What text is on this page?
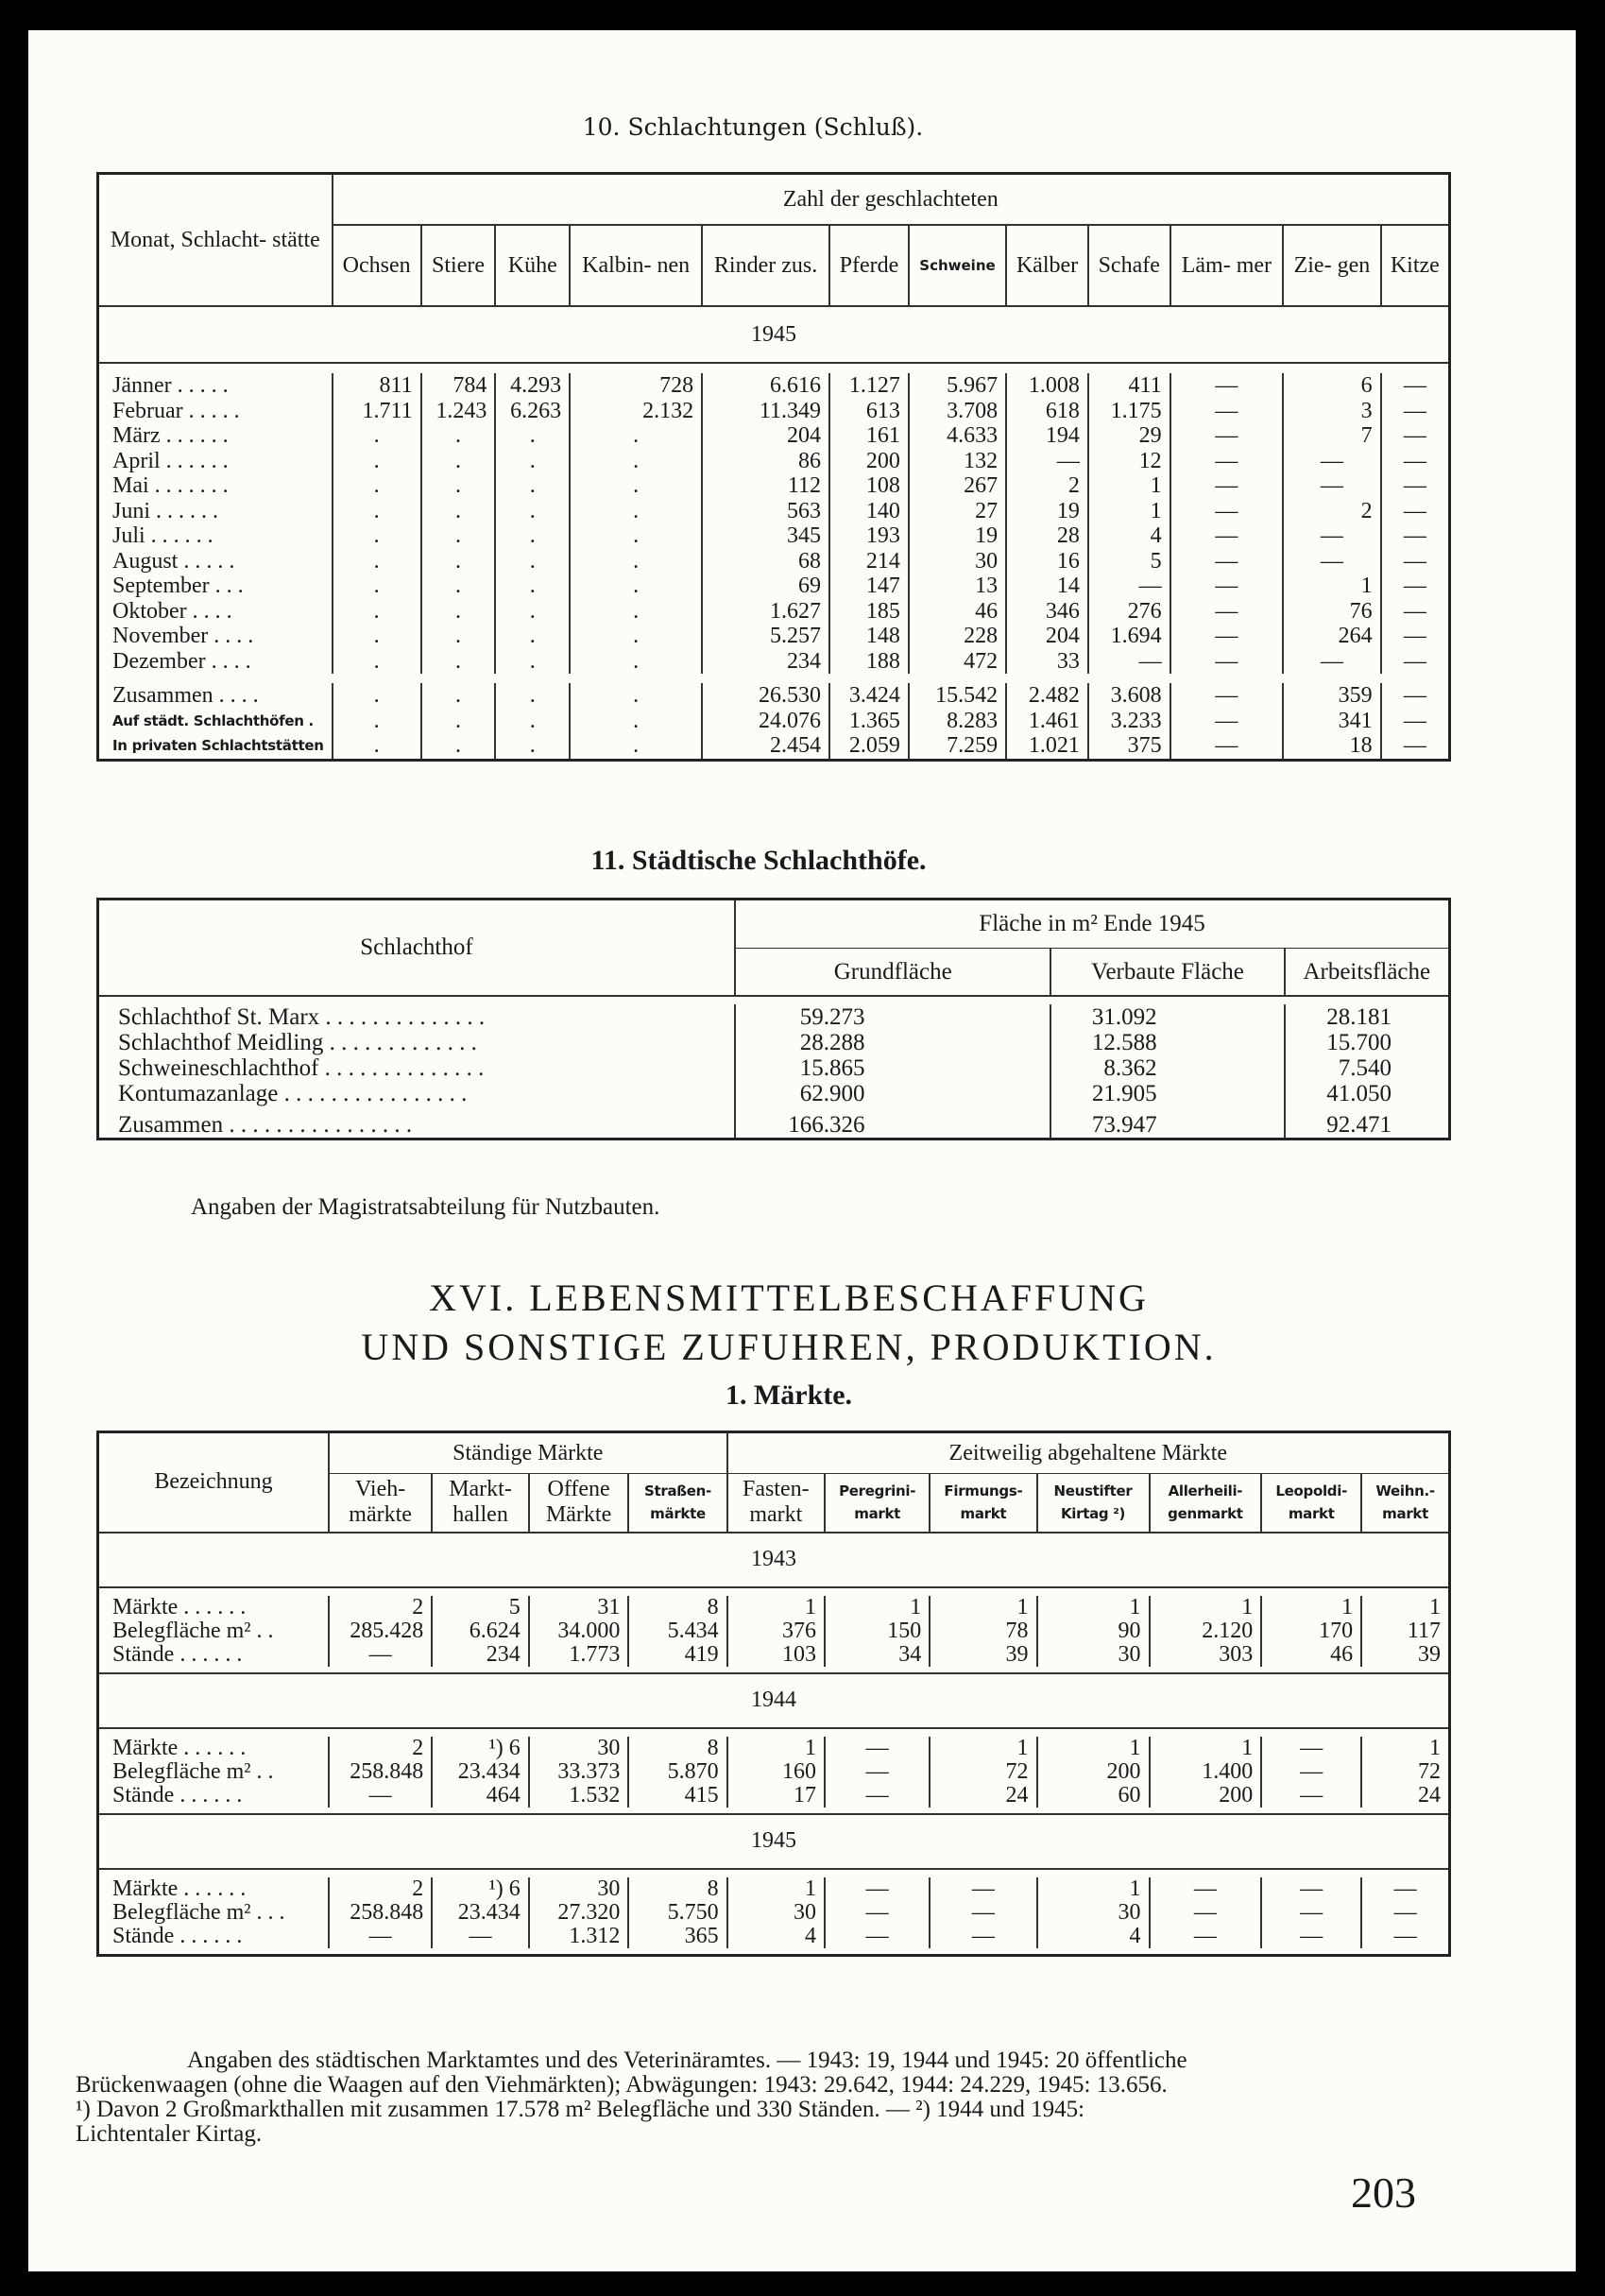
10. Schlachtungen (Schluß).
Monat, Schlacht- stätte	Zahl der geschlachteten											
	Ochsen	Stiere	Kühe	Kalbin- nen	Rinder zus.	Pferde	Schweine	Kälber	Schafe	Läm- mer	Zie- gen	Kitze
1945												

Jänner . . . . .	811	784	4.293	728	6.616	1.127	5.967	1.008	411	—	6	—
Februar . . . . .	1.711	1.243	6.263	2.132	11.349	613	3.708	618	1.175	—	3	—
März . . . . . .	.	.	.	.	204	161	4.633	194	29	—	7	—
April . . . . . .	.	.	.	.	86	200	132	—	12	—	—	—
Mai . . . . . . .	.	.	.	.	112	108	267	2	1	—	—	—
Juni . . . . . .	.	.	.	.	563	140	27	19	1	—	2	—
Juli . . . . . .	.	.	.	.	345	193	19	28	4	—	—	—
August . . . . .	.	.	.	.	68	214	30	16	5	—	—	—
September . . .	.	.	.	.	69	147	13	14	—	—	1	—
Oktober . . . .	.	.	.	.	1.627	185	46	346	276	—	76	—
November . . . .	.	.	.	.	5.257	148	228	204	1.694	—	264	—
Dezember . . . .	.	.	.	.	234	188	472	33	—	—	—	—

Zusammen . . . .	.	.	.	.	26.530	3.424	15.542	2.482	3.608	—	359	—
Auf städt. Schlachthöfen .	.	.	.	.	24.076	1.365	8.283	1.461	3.233	—	341	—
In privaten Schlachtstätten	.	.	.	.	2.454	2.059	7.259	1.021	375	—	18	—
11. Städtische Schlachthöfe.
Schlachthof	Fläche in m² Ende 1945		
	Grundfläche	Verbaute Fläche	Arbeitsfläche

Schlachthof St. Marx . . . . . . . . . . . . . .	59.273	31.092	28.181
Schlachthof Meidling . . . . . . . . . . . . .	28.288	12.588	15.700
Schweineschlachthof . . . . . . . . . . . . . .	15.865	8.362	7.540
Kontumazanlage . . . . . . . . . . . . . . . .	62.900	21.905	41.050
Zusammen . . . . . . . . . . . . . . . .	166.326	73.947	92.471
Angaben der Magistratsabteilung für Nutzbauten.
XVI. LEBENSMITTELBESCHAFFUNG
UND SONSTIGE ZUFUHREN, PRODUKTION.
1. Märkte.
Bezeichnung	Ständige Märkte				Zeitweilig abgehaltene Märkte						
	Vieh- märkte	Markt- hallen	Offene Märkte	Straßen- märkte	Fasten- markt	Peregrini- markt	Firmungs- markt	Neustifter Kirtag ²)	Allerheili- genmarkt	Leopoldi- markt	Weihn.- markt
1943											

Märkte . . . . . .	2	5	31	8	1	1	1	1	1	1	1
Belegfläche m² . .	285.428	6.624	34.000	5.434	376	150	78	90	2.120	170	117
Stände . . . . . .	—	234	1.773	419	103	34	39	30	303	46	39

1944											

Märkte . . . . . .	2	¹) 6	30	8	1	—	1	1	1	—	1
Belegfläche m² . .	258.848	23.434	33.373	5.870	160	—	72	200	1.400	—	72
Stände . . . . . .	—	464	1.532	415	17	—	24	60	200	—	24

1945											

Märkte . . . . . .	2	¹) 6	30	8	1	—	—	1	—	—	—
Belegfläche m² . . .	258.848	23.434	27.320	5.750	30	—	—	30	—	—	—
Stände . . . . . .	—	—	1.312	365	4	—	—	4	—	—	—

Angaben des städtischen Marktamtes und des Veterinäramtes. — 1943: 19, 1944 und 1945: 20 öffentliche
Brückenwaagen (ohne die Waagen auf den Viehmärkten); Abwägungen: 1943: 29.642, 1944: 24.229, 1945: 13.656.
¹) Davon 2 Großmarkthallen mit zusammen 17.578 m² Belegfläche und 330 Ständen. — ²) 1944 und 1945:
Lichtentaler Kirtag.
203
